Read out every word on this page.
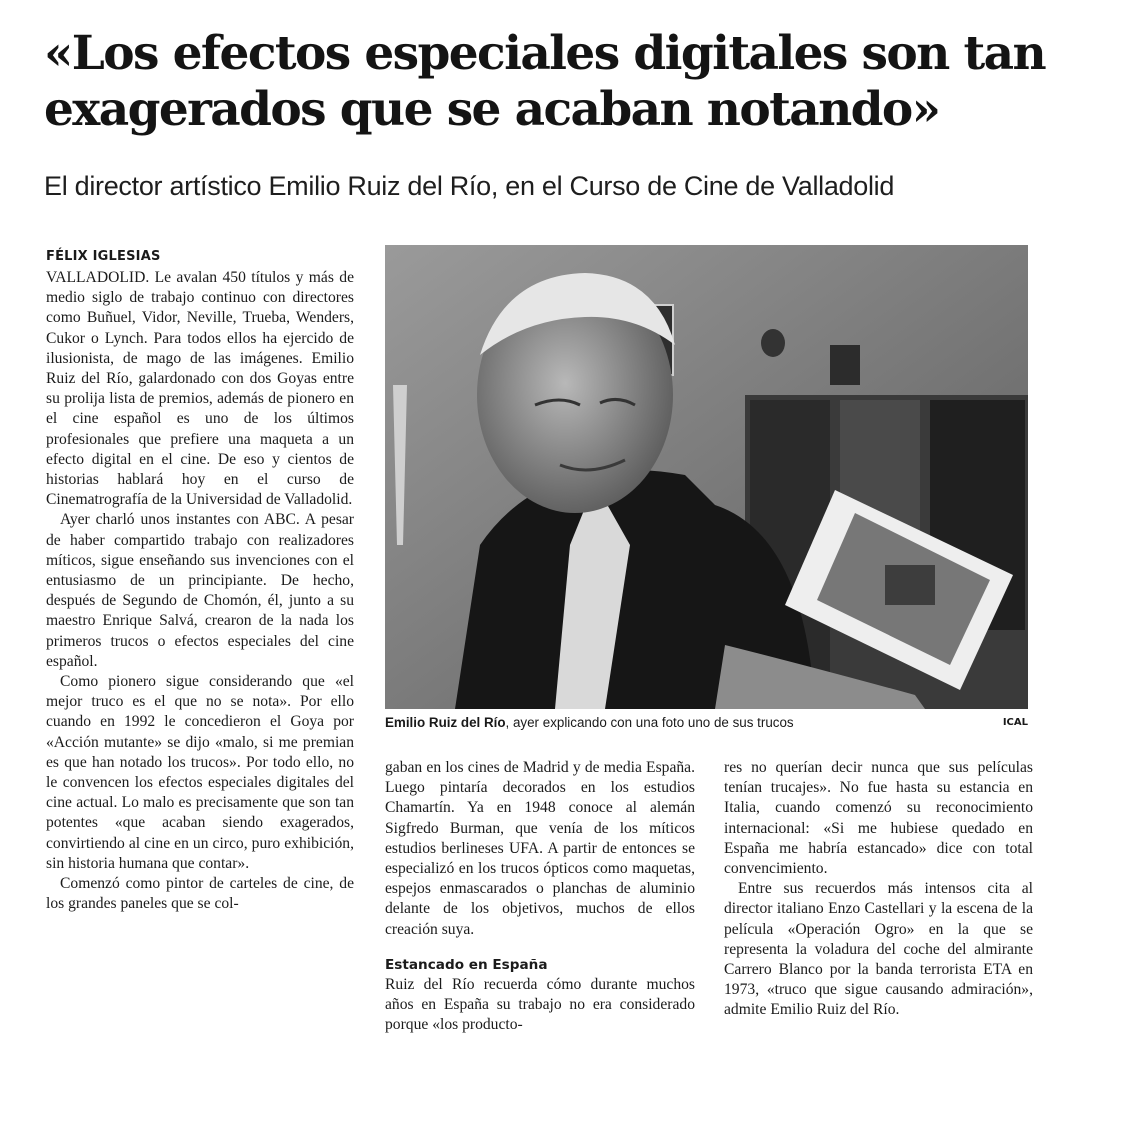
«Los efectos especiales digitales son tan exagerados que se acaban notando»
El director artístico Emilio Ruiz del Río, en el Curso de Cine de Valladolid
FÉLIX IGLESIAS

VALLADOLID. Le avalan 450 títulos y más de medio siglo de trabajo continuo con directores como Buñuel, Vidor, Neville, Trueba, Wenders, Cukor o Lynch. Para todos ellos ha ejercido de ilusionista, de mago de las imágenes. Emilio Ruiz del Río, galardonado con dos Goyas entre su prolija lista de premios, además de pionero en el cine español es uno de los últimos profesionales que prefiere una maqueta a un efecto digital en el cine. De eso y cientos de historias hablará hoy en el curso de Cinematrografía de la Universidad de Valladolid.

Ayer charló unos instantes con ABC. A pesar de haber compartido trabajo con realizadores míticos, sigue enseñando sus invenciones con el entusiasmo de un principiante. De hecho, después de Segundo de Chomón, él, junto a su maestro Enrique Salvá, crearon de la nada los primeros trucos o efectos especiales del cine español.

Como pionero sigue considerando que «el mejor truco es el que no se nota». Por ello cuando en 1992 le concedieron el Goya por «Acción mutante» se dijo «malo, si me premian es que han notado los trucos». Por todo ello, no le convencen los efectos especiales digitales del cine actual. Lo malo es precisamente que son tan potentes «que acaban siendo exagerados, convirtiendo al cine en un circo, puro exhibición, sin historia humana que contar».

Comenzó como pintor de carteles de cine, de los grandes paneles que se col-

Emilio Ruiz del Río, ayer explicando con una foto uno de sus trucos	ICAL

gaban en los cines de Madrid y de media España. Luego pintaría decorados en los estudios Chamartín. Ya en 1948 conoce al alemán Sigfredo Burman, que venía de los míticos estudios berlineses UFA. A partir de entonces se especializó en los trucos ópticos como maquetas, espejos enmascarados o planchas de aluminio delante de los objetivos, muchos de ellos creación suya.

Estancado en España

Ruiz del Río recuerda cómo durante muchos años en España su trabajo no era considerado porque «los producto-

res no querían decir nunca que sus películas tenían trucajes». No fue hasta su estancia en Italia, cuando comenzó su reconocimiento internacional: «Si me hubiese quedado en España me habría estancado» dice con total convencimiento.

Entre sus recuerdos más intensos cita al director italiano Enzo Castellari y la escena de la película «Operación Ogro» en la que se representa la voladura del coche del almirante Carrero Blanco por la banda terrorista ETA en 1973, «truco que sigue causando admiración», admite Emilio Ruiz del Río.
